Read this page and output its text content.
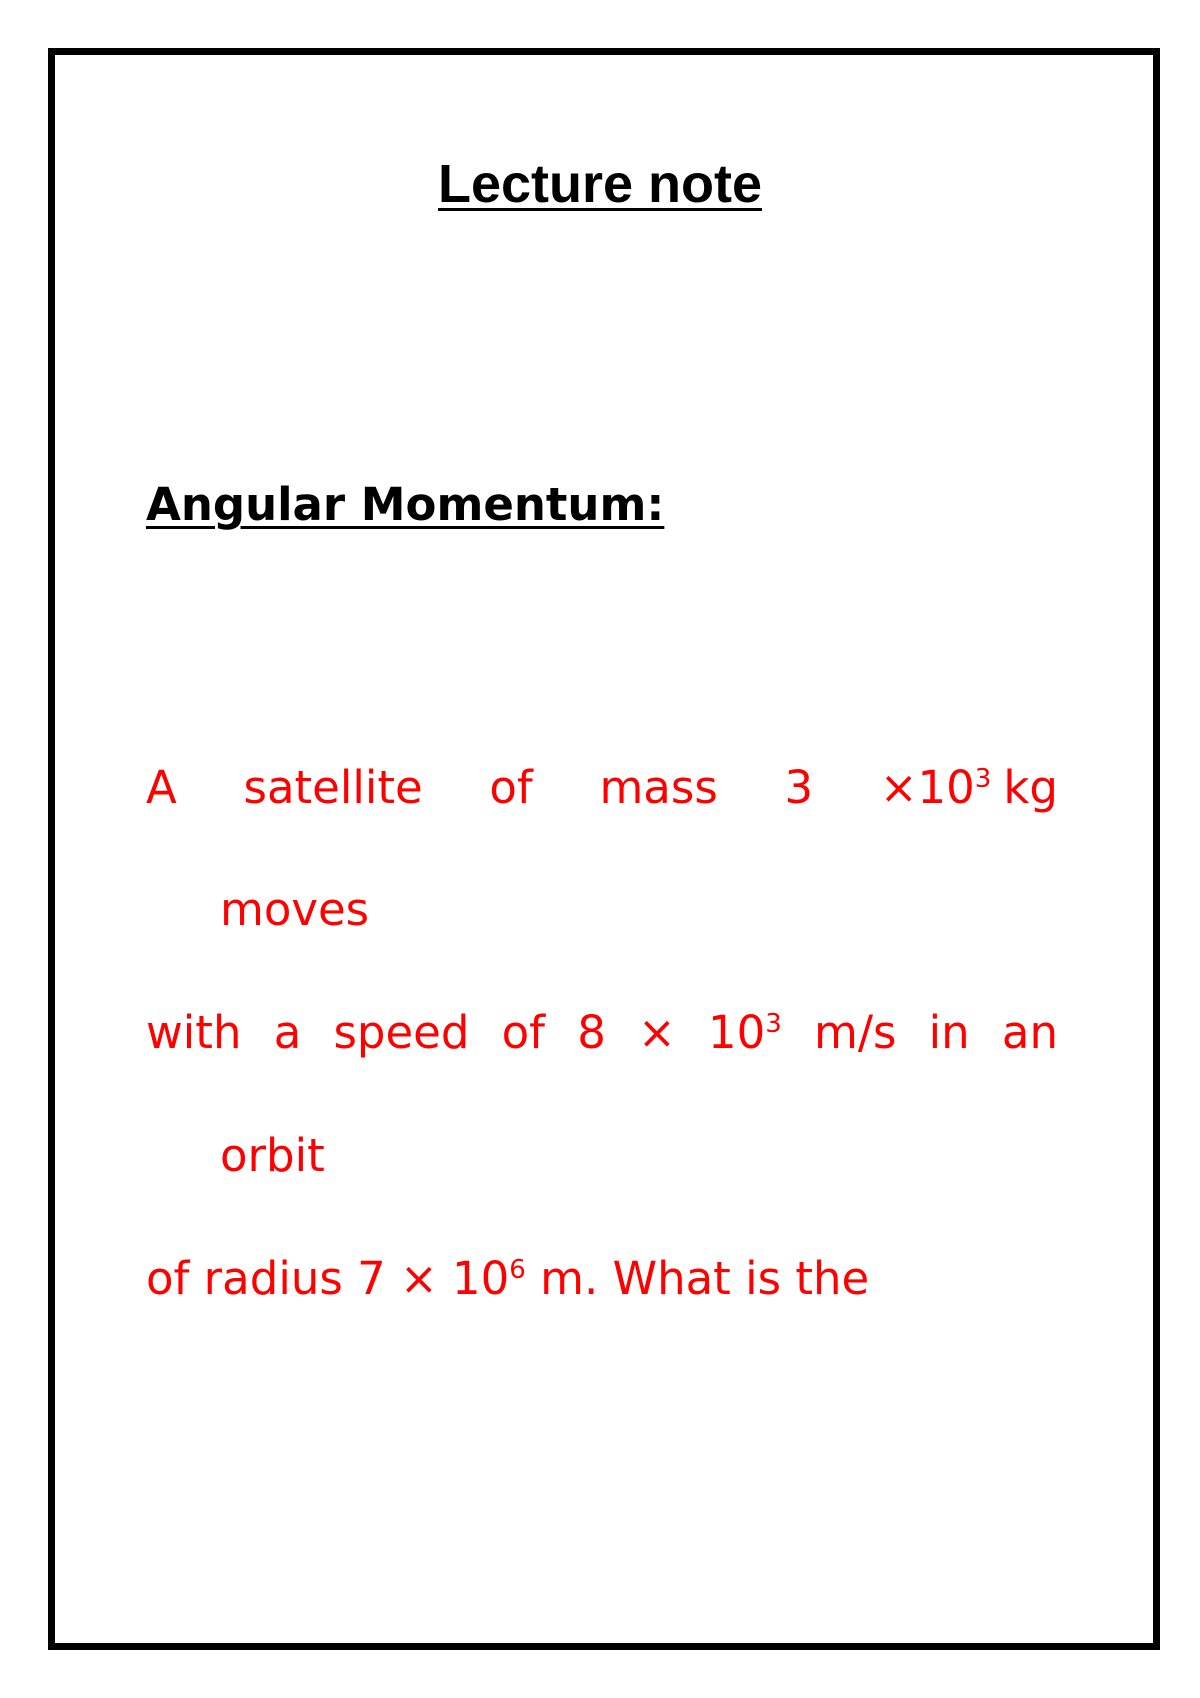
Lecture note
Angular Momentum:
A satellite of mass $3 \times 10^3$ kg
moves
with a speed of $8 \times 10^3$ m/s in an
orbit
of radius $7 \times 10^6$ m. What is the
